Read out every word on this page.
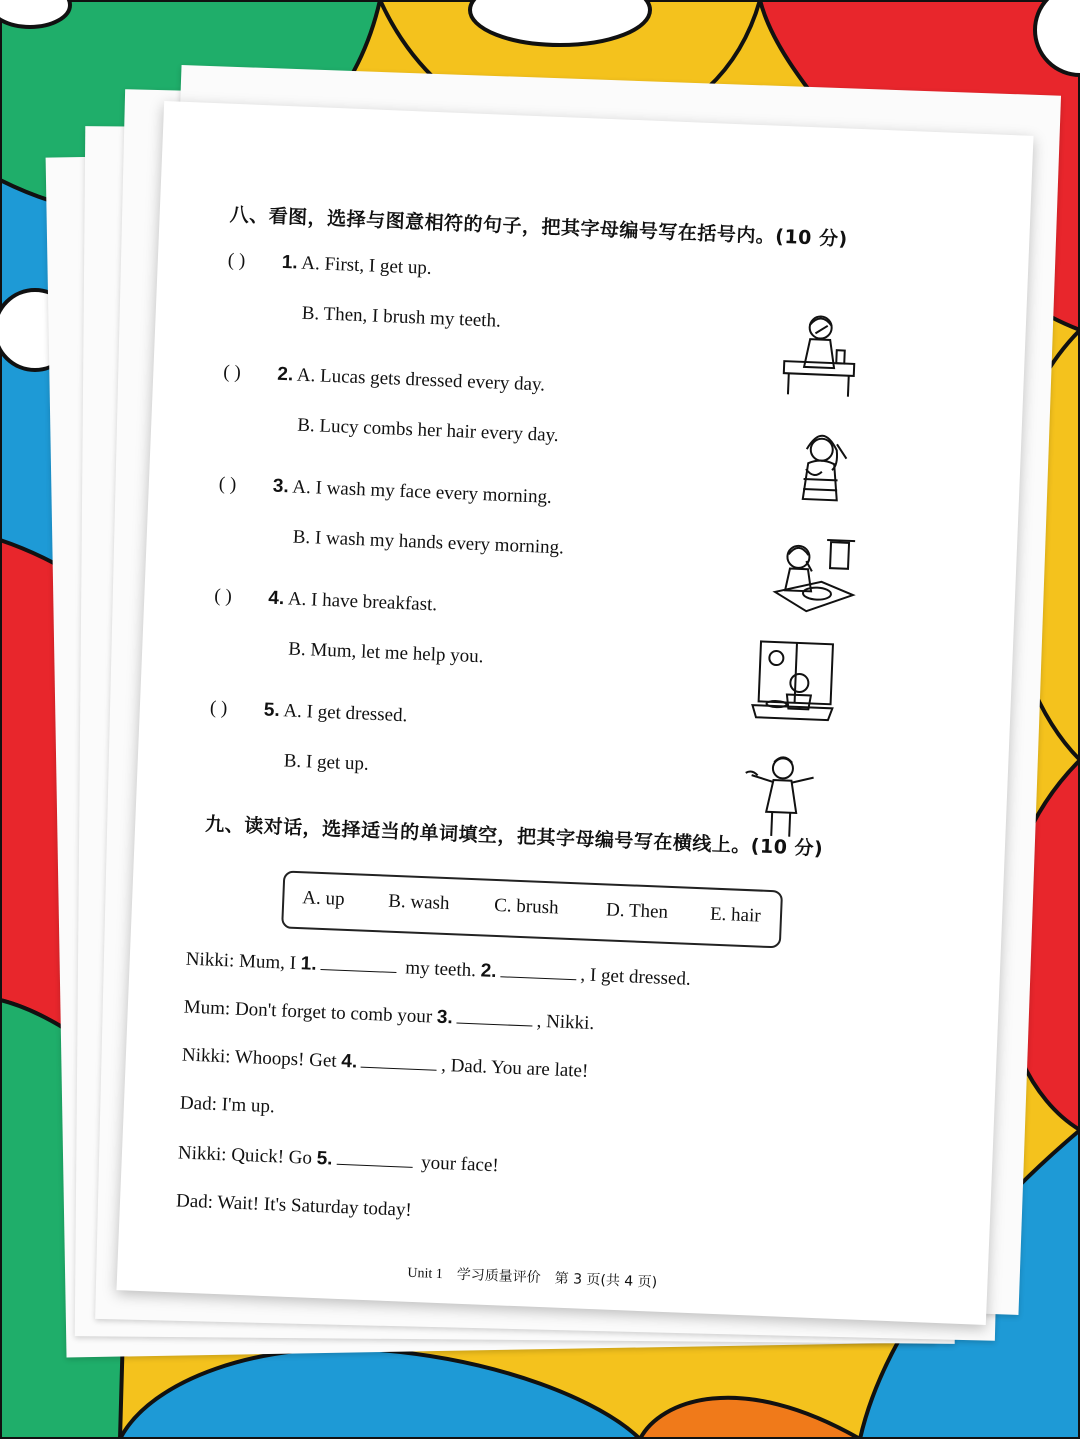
八、看图，选择与图意相符的句子，把其字母编号写在括号内。(10 分)
( ) 1. A. First, I get up.
B. Then, I brush my teeth.
( ) 2. A. Lucas gets dressed every day.
B. Lucy combs her hair every day.
( ) 3. A. I wash my face every morning.
B. I wash my hands every morning.
( ) 4. A. I have breakfast.
B. Mum, let me help you.
( ) 5. A. I get dressed.
B. I get up.
九、读对话，选择适当的单词填空，把其字母编号写在横线上。(10 分)
A. up B. wash C. brush D. Then E. hair
Nikki: Mum, I 1.	my teeth. 2.	, I get dressed.
Mum: Don't forget to comb your 3.	, Nikki.
Nikki: Whoops! Get 4.	, Dad. You are late!
Dad: I'm up.
Nikki: Quick! Go 5.	your face!
Dad: Wait! It's Saturday today!
Unit 1 学习质量评价 第 3 页(共 4 页)
